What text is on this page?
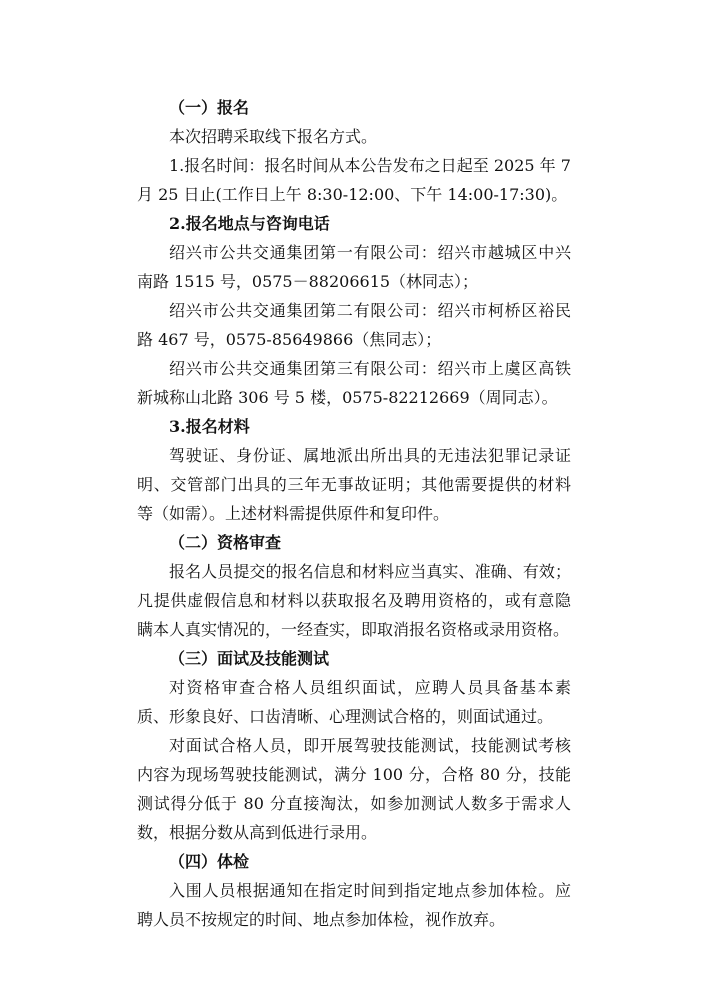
（一）报名
本次招聘采取线下报名方式。
1.报名时间：报名时间从本公告发布之日起至 2025 年 7
月 25 日止(工作日上午 8:30-12:00、下午 14:00-17:30)。
2.报名地点与咨询电话
绍兴市公共交通集团第一有限公司：绍兴市越城区中兴
南路 1515 号，0575－88206615（林同志）；
绍兴市公共交通集团第二有限公司：绍兴市柯桥区裕民
路 467 号，0575-85649866（焦同志）；
绍兴市公共交通集团第三有限公司：绍兴市上虞区高铁
新城称山北路 306 号 5 楼，0575-82212669（周同志）。
3.报名材料
驾驶证、身份证、属地派出所出具的无违法犯罪记录证
明、交管部门出具的三年无事故证明；其他需要提供的材料
等（如需）。上述材料需提供原件和复印件。
（二）资格审查
报名人员提交的报名信息和材料应当真实、准确、有效；
凡提供虚假信息和材料以获取报名及聘用资格的，或有意隐
瞒本人真实情况的，一经查实，即取消报名资格或录用资格。
（三）面试及技能测试
对资格审查合格人员组织面试，应聘人员具备基本素
质、形象良好、口齿清晰、心理测试合格的，则面试通过。
对面试合格人员，即开展驾驶技能测试，技能测试考核
内容为现场驾驶技能测试，满分 100 分，合格 80 分，技能
测试得分低于 80 分直接淘汰，如参加测试人数多于需求人
数，根据分数从高到低进行录用。
（四）体检
入围人员根据通知在指定时间到指定地点参加体检。应
聘人员不按规定的时间、地点参加体检，视作放弃。
